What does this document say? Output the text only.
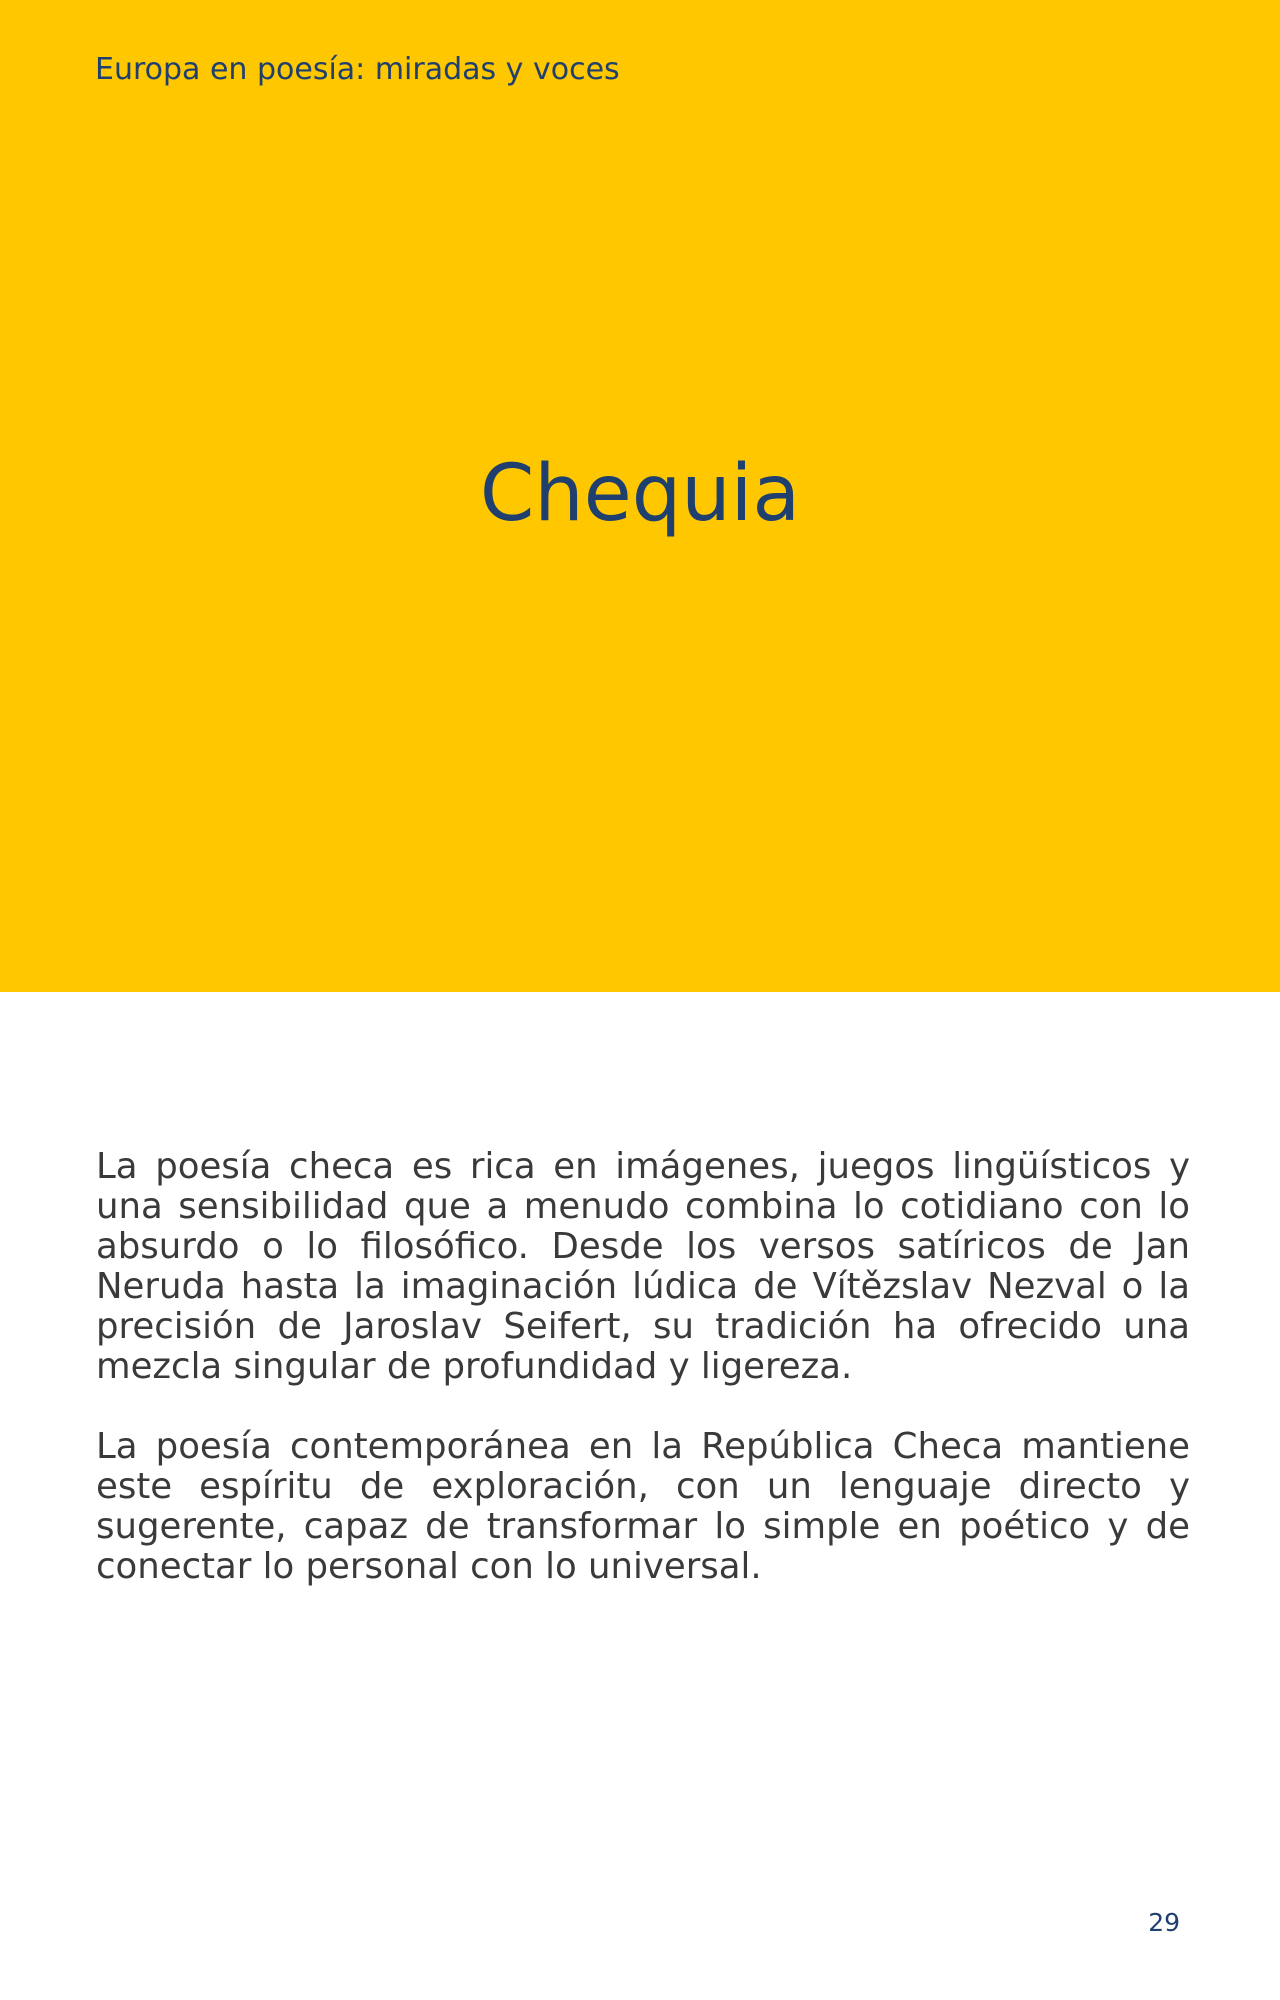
Europa en poesía: miradas y voces
Chequia

La poesía checa es rica en imágenes, juegos lingüísticos y una sensibilidad que a menudo combina lo cotidiano con lo absurdo o lo filosófico. Desde los versos satíricos de Jan Neruda hasta la imaginación lúdica de Vítězslav Nezval o la precisión de Jaroslav Seifert, su tradición ha ofrecido una mezcla singular de profundidad y ligereza.

La poesía contemporánea en la República Checa mantiene este espíritu de exploración, con un lenguaje directo y sugerente, capaz de transformar lo simple en poético y de conectar lo personal con lo universal.

29
